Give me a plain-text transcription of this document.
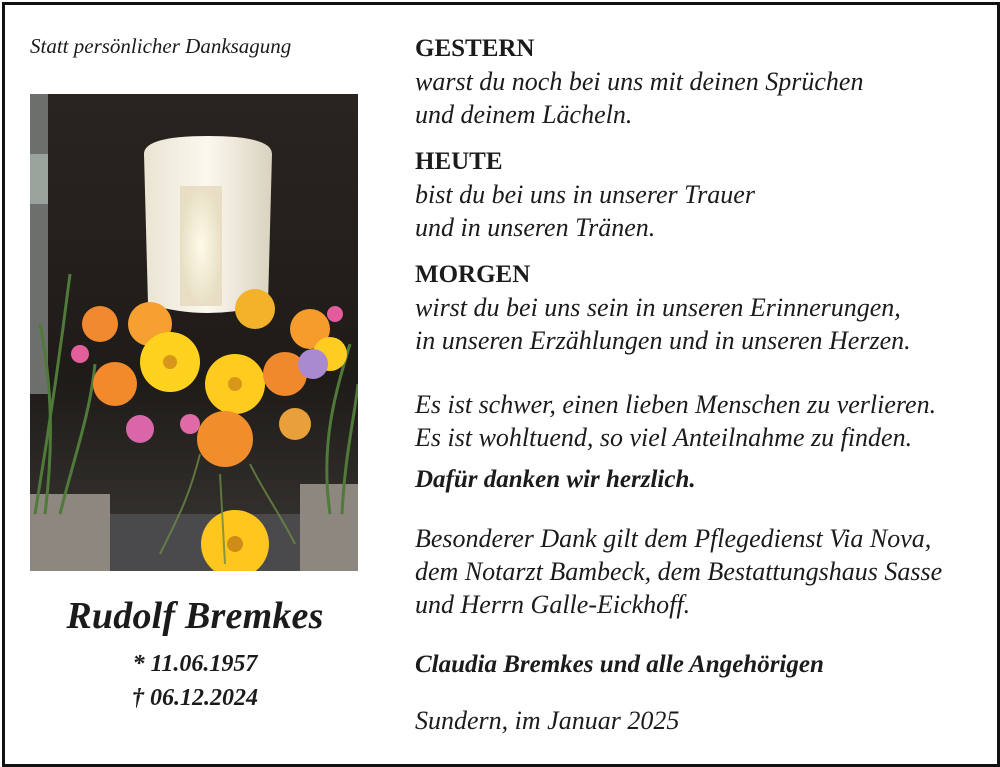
Statt persönlicher Danksagung
Rudolf Bremkes
* 11.06.1957
† 06.12.2024
GESTERN
warst du noch bei uns mit deinen Sprüchen
und deinem Lächeln.
HEUTE
bist du bei uns in unserer Trauer
und in unseren Tränen.
MORGEN
wirst du bei uns sein in unseren Erinnerungen,
in unseren Erzählungen und in unseren Herzen.
Es ist schwer, einen lieben Menschen zu verlieren.
Es ist wohltuend, so viel Anteilnahme zu finden.
Dafür danken wir herzlich.
Besonderer Dank gilt dem Pflegedienst Via Nova,
dem Notarzt Bambeck, dem Bestattungshaus Sasse
und Herrn Galle-Eickhoff.
Claudia Bremkes und alle Angehörigen
Sundern, im Januar 2025
